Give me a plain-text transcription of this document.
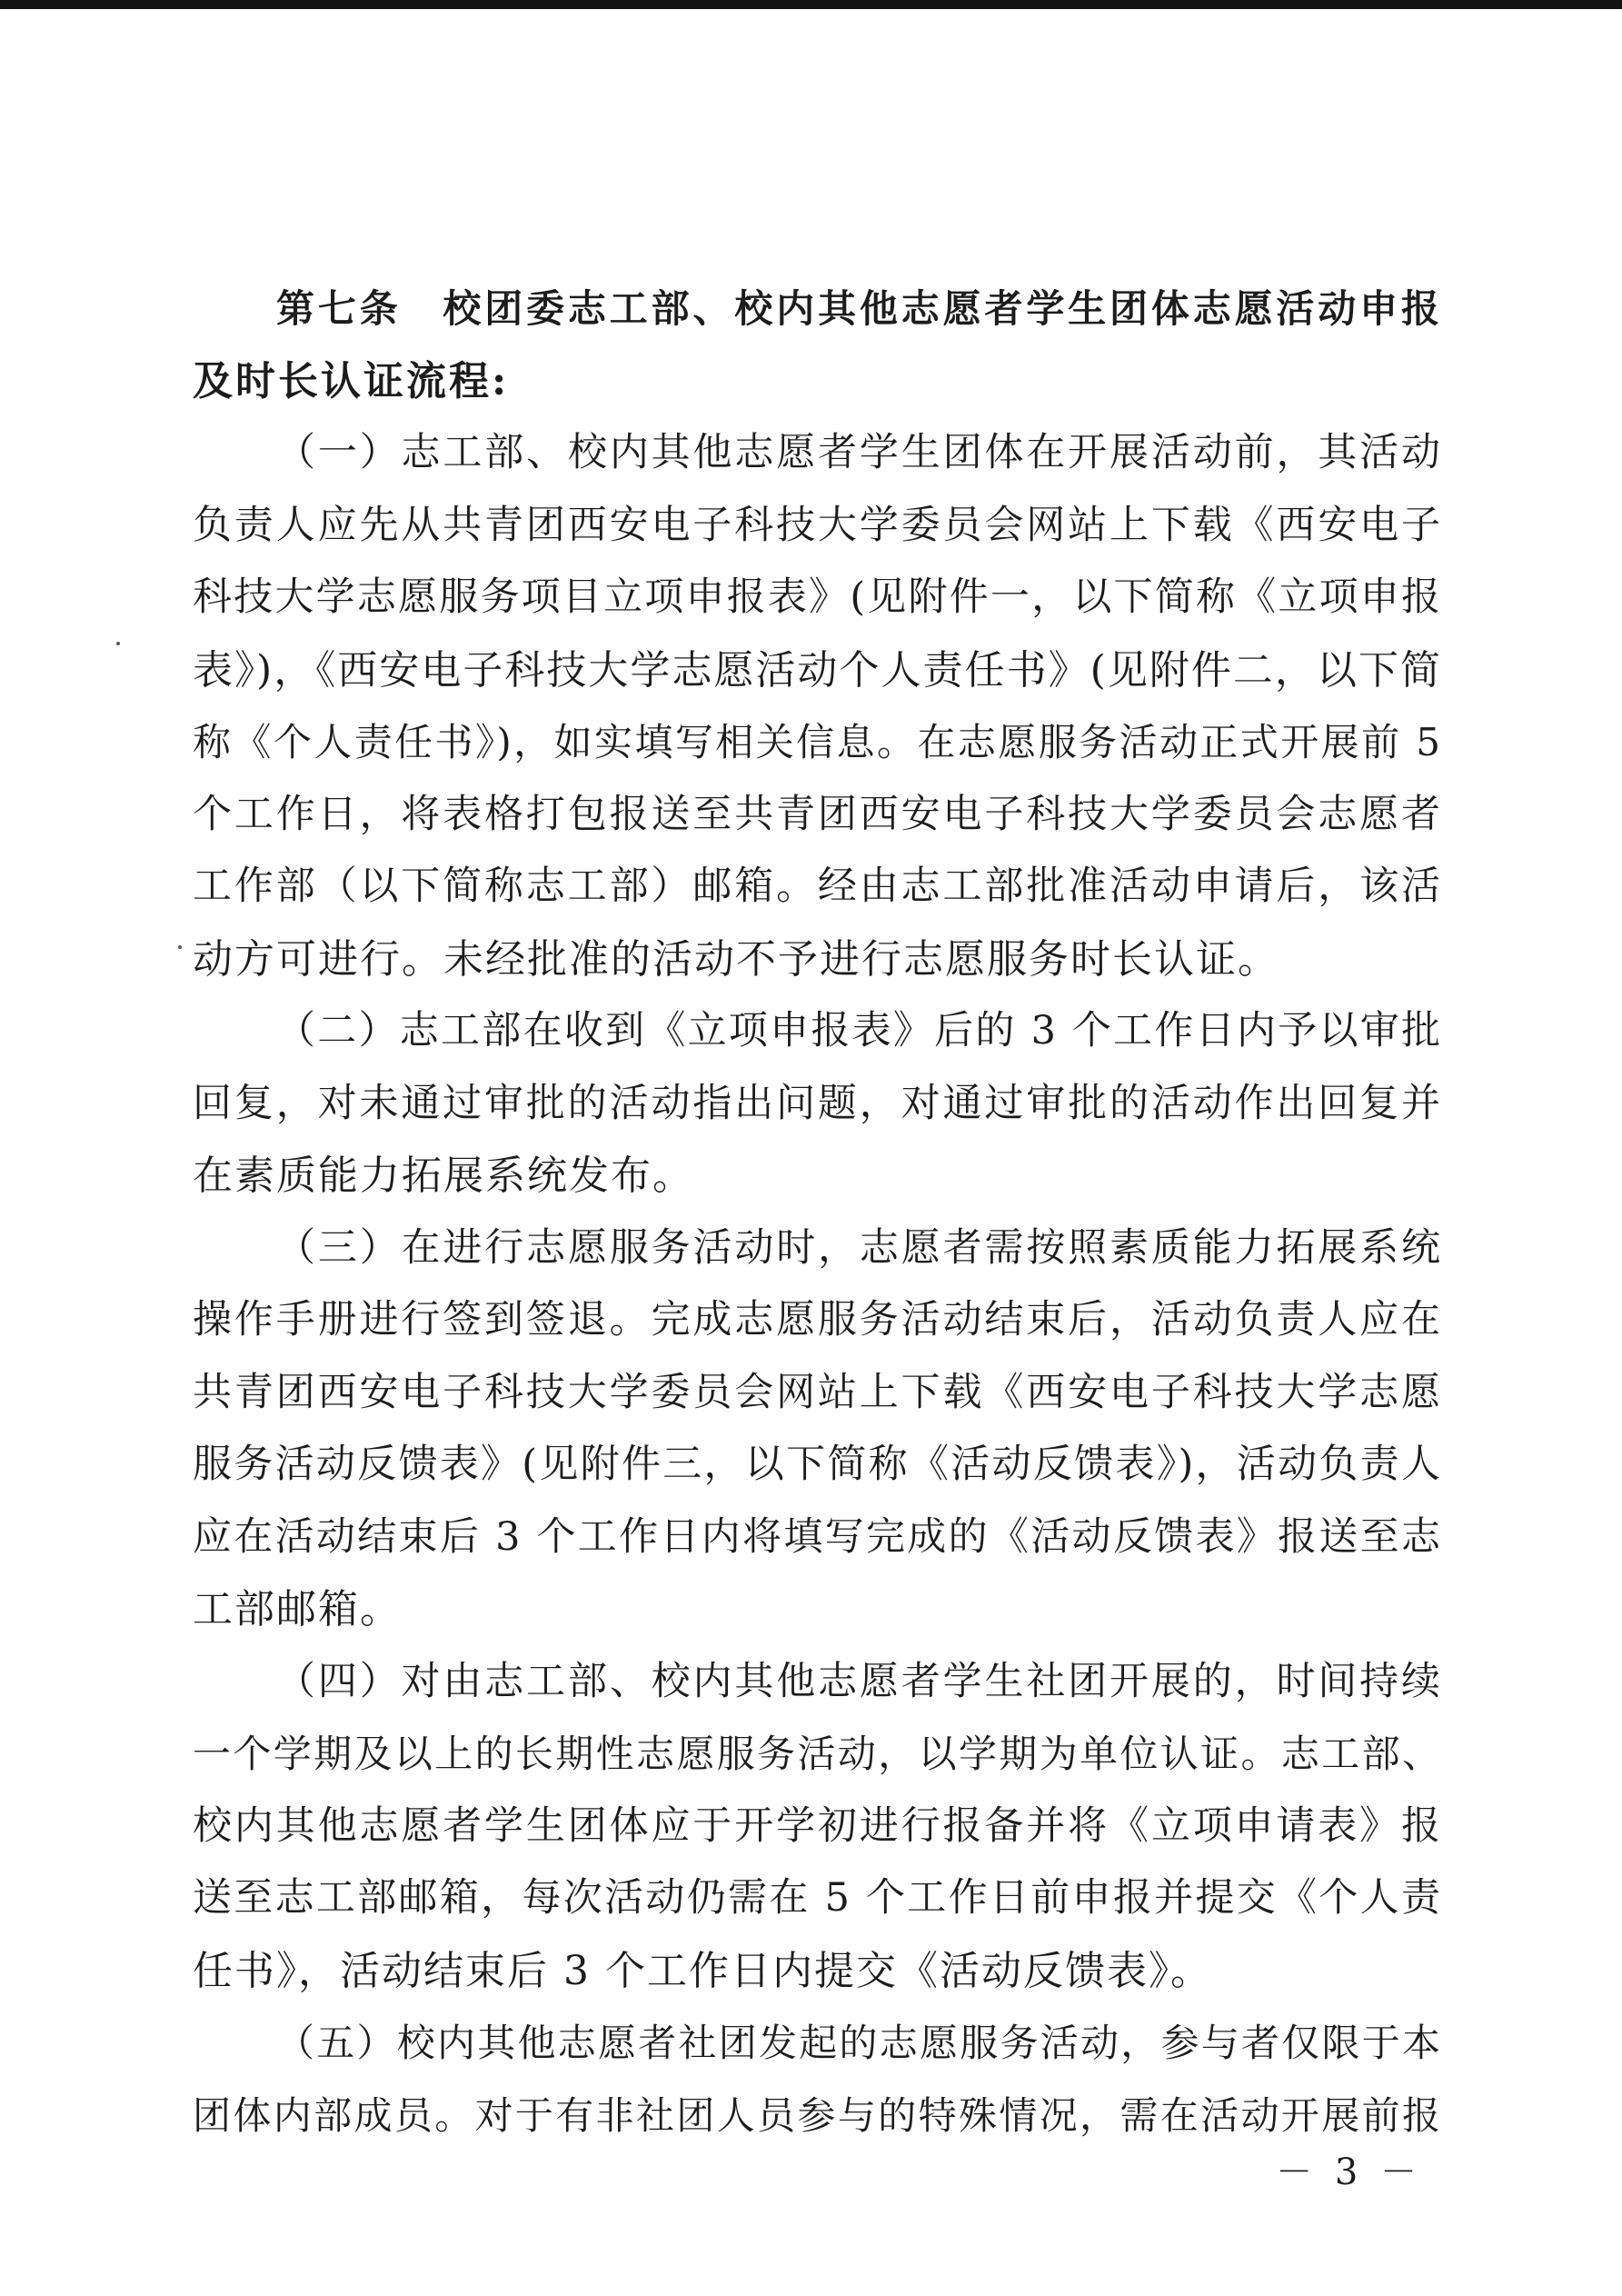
第七条　校团委志工部、校内其他志愿者学生团体志愿活动申报
及时长认证流程:
（一）志工部、校内其他志愿者学生团体在开展活动前，其活动
负责人应先从共青团西安电子科技大学委员会网站上下载《西安电子
科技大学志愿服务项目立项申报表》(见附件一，以下简称《立项申报
表》)，《西安电子科技大学志愿活动个人责任书》(见附件二，以下简
称《个人责任书》)，如实填写相关信息。在志愿服务活动正式开展前 5
个工作日，将表格打包报送至共青团西安电子科技大学委员会志愿者
工作部（以下简称志工部）邮箱。经由志工部批准活动申请后，该活
动方可进行。未经批准的活动不予进行志愿服务时长认证。
（二）志工部在收到《立项申报表》后的 3 个工作日内予以审批
回复，对未通过审批的活动指出问题，对通过审批的活动作出回复并
在素质能力拓展系统发布。
（三）在进行志愿服务活动时，志愿者需按照素质能力拓展系统
操作手册进行签到签退。完成志愿服务活动结束后，活动负责人应在
共青团西安电子科技大学委员会网站上下载《西安电子科技大学志愿
服务活动反馈表》(见附件三，以下简称《活动反馈表》)，活动负责人
应在活动结束后 3 个工作日内将填写完成的《活动反馈表》报送至志
工部邮箱。
（四）对由志工部、校内其他志愿者学生社团开展的，时间持续
一个学期及以上的长期性志愿服务活动，以学期为单位认证。志工部、
校内其他志愿者学生团体应于开学初进行报备并将《立项申请表》报
送至志工部邮箱，每次活动仍需在 5 个工作日前申报并提交《个人责
任书》，活动结束后 3 个工作日内提交《活动反馈表》。
（五）校内其他志愿者社团发起的志愿服务活动，参与者仅限于本
团体内部成员。对于有非社团人员参与的特殊情况，需在活动开展前报
－ 3 －
